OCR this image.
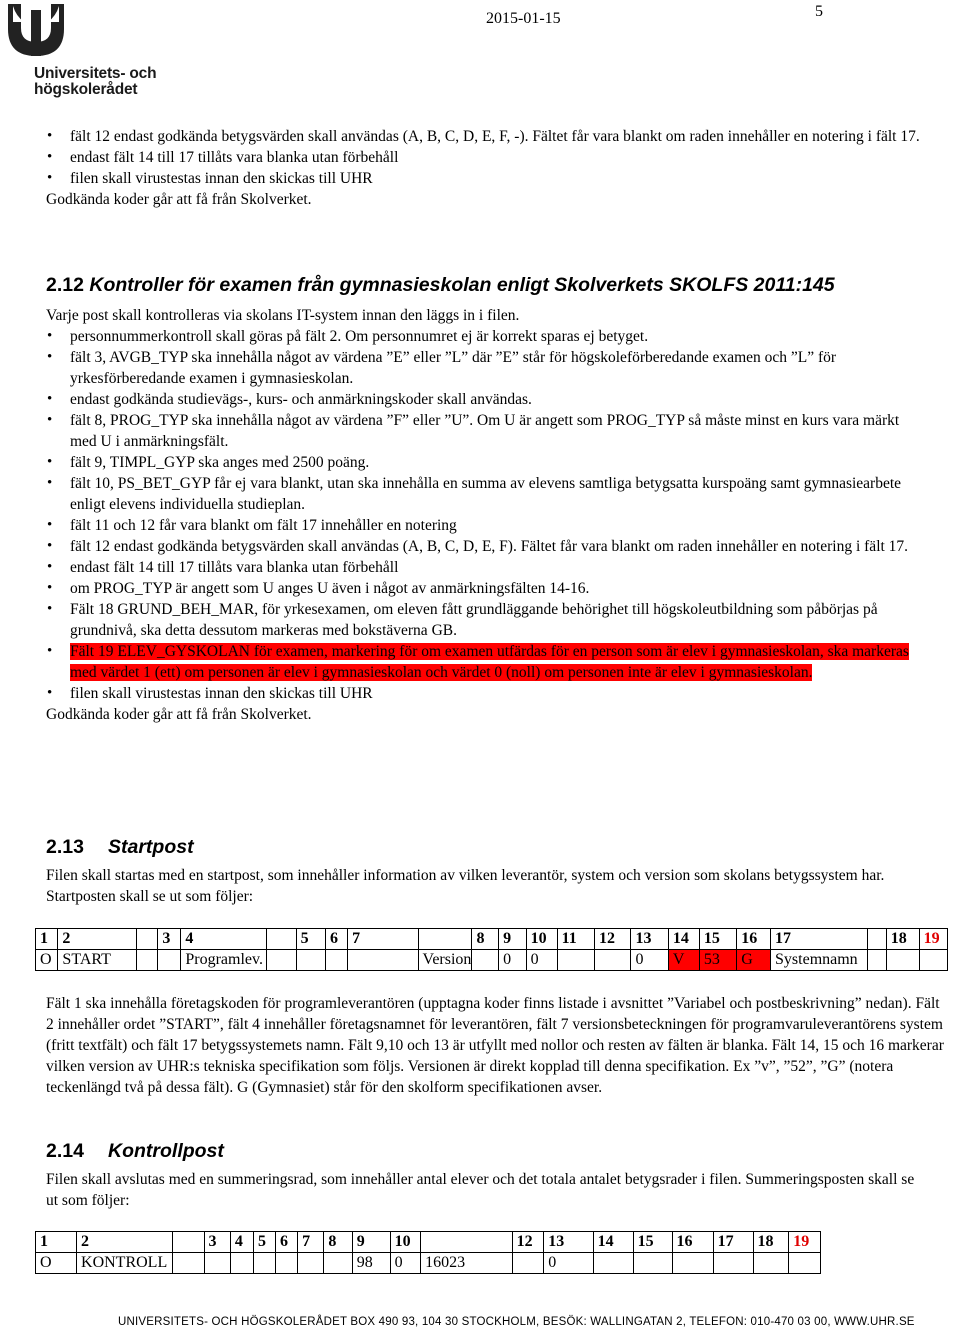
Universitets- och
högskolerådet
2015-01-15	5
• fält 12 endast godkända betygsvärden skall användas (A, B, C, D, E, F, -). Fältet får vara blankt om raden innehåller en notering i fält 17.
• endast fält 14 till 17 tillåts vara blanka utan förbehåll
• filen skall virustestas innan den skickas till UHR

Godkända koder går att få från Skolverket.

2.12 Kontroller för examen från gymnasieskolan enligt Skolverkets SKOLFS 2011:145

Varje post skall kontrolleras via skolans IT-system innan den läggs in i filen.

• personnummerkontroll skall göras på fält 2. Om personnumret ej är korrekt sparas ej betyget.
• fält 3, AVGB_TYP ska innehålla något av värdena ”E” eller ”L” där ”E” står för högskoleförberedande examen och ”L” för yrkesförberedande examen i gymnasieskolan.
• endast godkända studievägs-, kurs- och anmärkningskoder skall användas.
• fält 8, PROG_TYP ska innehålla något av värdena ”F” eller ”U”. Om U är angett som PROG_TYP så måste minst en kurs vara märkt med U i anmärkningsfält.
• fält 9, TIMPL_GYP ska anges med 2500 poäng.
• fält 10, PS_BET_GYP får ej vara blankt, utan ska innehålla en summa av elevens samtliga betygsatta kurspoäng samt gymnasiearbete enligt elevens individuella studieplan.
• fält 11 och 12 får vara blankt om fält 17 innehåller en notering
• fält 12 endast godkända betygsvärden skall användas (A, B, C, D, E, F). Fältet får vara blankt om raden innehåller en notering i fält 17.
• endast fält 14 till 17 tillåts vara blanka utan förbehåll
• om PROG_TYP är angett som U anges U även i något av anmärkningsfälten 14-16.
• Fält 18 GRUND_BEH_MAR, för yrkesexamen, om eleven fått grundläggande behörighet till högskoleutbildning som påbörjas på grundnivå, ska detta dessutom markeras med bokstäverna GB.
• Fält 19 ELEV_GYSKOLAN för examen, markering för om examen utfärdas för en person som är elev i gymnasieskolan, ska markeras med värdet 1 (ett) om personen är elev i gymnasieskolan och värdet 0 (noll) om personen inte är elev i gymnasieskolan.
• filen skall virustestas innan den skickas till UHR

Godkända koder går att få från Skolverket.

2.13 Startpost

Filen skall startas med en startpost, som innehåller information av vilken leverantör, system och version som skolans betygssystem har. Startposten skall se ut som följer:

1	2		3	4		5	6	7		8	9	10	11	12	13	14	15	16	17		18	19
O	START			Programlev.					Version		0	0			0	V	53	G	Systemnamn			

Fält 1 ska innehålla företagskoden för programleverantören (upptagna koder finns listade i avsnittet ”Variabel och postbeskrivning” nedan). Fält 2 innehåller ordet ”START”, fält 4 innehåller företagsnamnet för leverantören, fält 7 versionsbeteckningen för programvaruleverantörens system (fritt textfält) och fält 17 betygssystemets namn. Fält 9,10 och 13 är utfyllt med nollor och resten av fälten är blanka. Fält 14, 15 och 16 markerar vilken version av UHR:s tekniska specifikation som följs. Versionen är direkt kopplad till denna specifikation. Ex ”v”, ”52”, ”G” (notera teckenlängd två på dessa fält). G (Gymnasiet) står för den skolform specifikationen avser.

2.14 Kontrollpost

Filen skall avslutas med en summeringsrad, som innehåller antal elever och det totala antalet betygsrader i filen. Summeringsposten skall se ut som följer:

1	2		3	4	5	6	7	8	9	10		12	13	14	15	16	17	18	19
O	KONTROLL								98	0	16023		0						
UNIVERSITETS- OCH HÖGSKOLERÅDET BOX 490 93, 104 30 STOCKHOLM, BESÖK: WALLINGATAN 2, TELEFON: 010-470 03 00, WWW.UHR.SE
